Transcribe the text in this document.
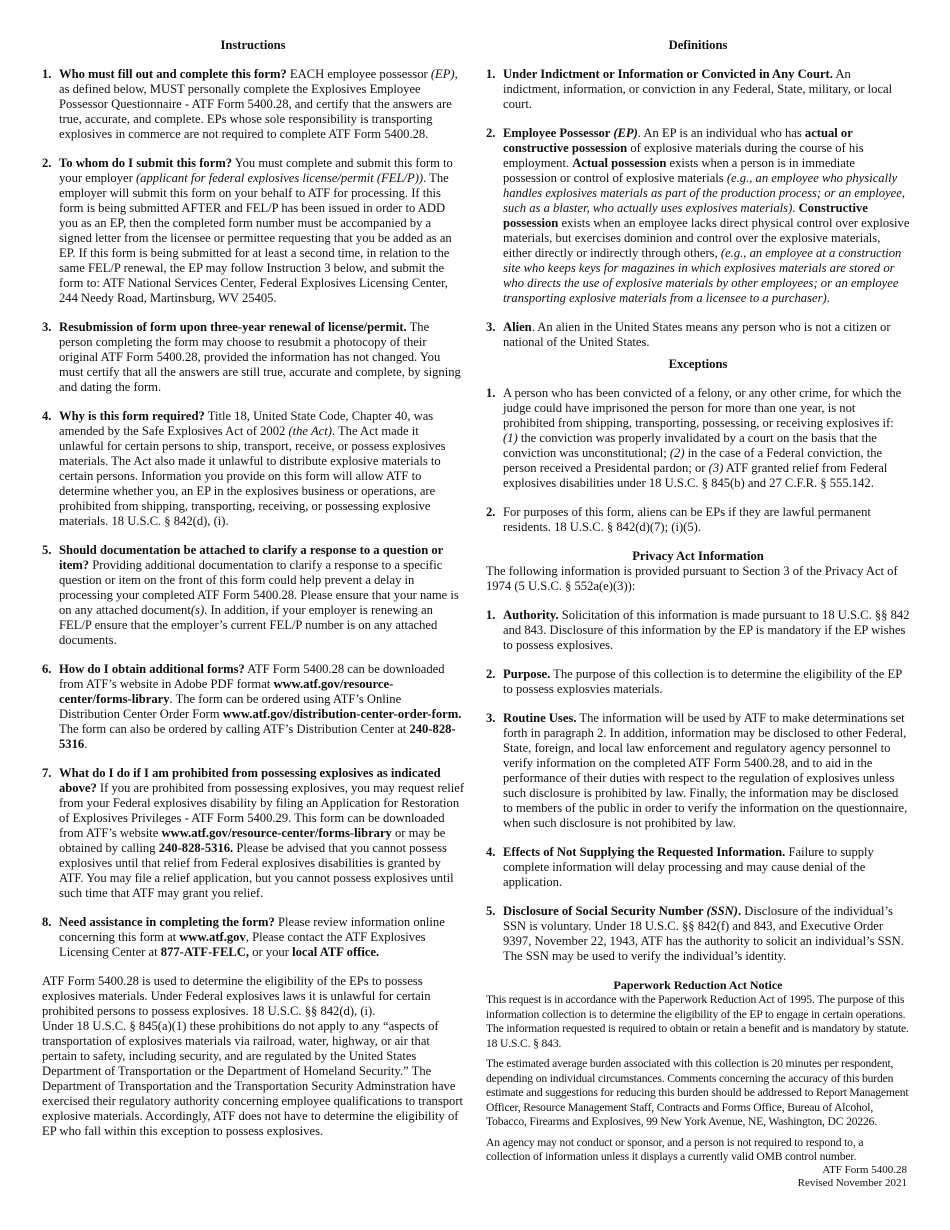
Instructions
1. Who must fill out and complete this form? EACH employee possessor (EP), as defined below, MUST personally complete the Explosives Employee Possessor Questionnaire - ATF Form 5400.28, and certify that the answers are true, accurate, and complete. EPs whose sole responsibility is transporting explosives in commerce are not required to complete ATF Form 5400.28.
2. To whom do I submit this form? You must complete and submit this form to your employer (applicant for federal explosives license/permit (FEL/P)). The employer will submit this form on your behalf to ATF for processing. If this form is being submitted AFTER and FEL/P has been issued in order to ADD you as an EP, then the completed form number must be accompanied by a signed letter from the licensee or permittee requesting that you be added as an EP. If this form is being submitted for at least a second time, in relation to the same FEL/P renewal, the EP may follow Instruction 3 below, and submit the form to: ATF National Services Center, Federal Explosives Licensing Center, 244 Needy Road, Martinsburg, WV 25405.
3. Resubmission of form upon three-year renewal of license/permit. The person completing the form may choose to resubmit a photocopy of their original ATF Form 5400.28, provided the information has not changed. You must certify that all the answers are still true, accurate and complete, by signing and dating the form.
4. Why is this form required? Title 18, United State Code, Chapter 40, was amended by the Safe Explosives Act of 2002 (the Act). The Act made it unlawful for certain persons to ship, transport, receive, or possess explosives materials. The Act also made it unlawful to distribute explosive materials to certain persons. Information you provide on this form will allow ATF to determine whether you, an EP in the explosives business or operations, are prohibited from shipping, transporting, receiving, or possessing explosive materials. 18 U.S.C. § 842(d), (i).
5. Should documentation be attached to clarify a response to a question or item? Providing additional documentation to clarify a response to a specific question or item on the front of this form could help prevent a delay in processing your completed ATF Form 5400.28. Please ensure that your name is on any attached document(s). In addition, if your employer is renewing an FEL/P ensure that the employer’s current FEL/P number is on any attached documents.
6. How do I obtain additional forms? ATF Form 5400.28 can be downloaded from ATF’s website in Adobe PDF format www.atf.gov/resource-center/forms-library. The form can be ordered using ATF’s Online Distribution Center Order Form www.atf.gov/distribution-center-order-form. The form can also be ordered by calling ATF’s Distribution Center at 240-828-5316.
7. What do I do if I am prohibited from possessing explosives as indicated above? If you are prohibited from possessing explosives, you may request relief from your Federal explosives disability by filing an Application for Restoration of Explosives Privileges - ATF Form 5400.29. This form can be downloaded from ATF’s website www.atf.gov/resource-center/forms-library or may be obtained by calling 240-828-5316. Please be advised that you cannot possess explosives until that relief from Federal explosives disabilities is granted by ATF. You may file a relief application, but you cannot possess explosives until such time that ATF may grant you relief.
8. Need assistance in completing the form? Please review information online concerning this form at www.atf.gov, Please contact the ATF Explosives Licensing Center at 877-ATF-FELC, or your local ATF office.

ATF Form 5400.28 is used to determine the eligibility of the EPs to possess explosives materials. Under Federal explosives laws it is unlawful for certain prohibited persons to possess explosives. 18 U.S.C. §§ 842(d), (i).
Under 18 U.S.C. § 845(a)(1) these prohibitions do not apply to any “aspects of transportation of explosives materials via railroad, water, highway, or air that pertain to safety, including security, and are regulated by the United States Department of Transportation or the Department of Homeland Security.” The Department of Transportation and the Transportation Security Adminstration have exercised their regulatory authority concerning employee qualifications to transport explosive materials. Accordingly, ATF does not have to determine the eligibility of EP who fall within this exception to possess explosives.

Definitions
1. Under Indictment or Information or Convicted in Any Court. An indictment, information, or conviction in any Federal, State, military, or local court.
2. Employee Possessor (EP). An EP is an individual who has actual or constructive possession of explosive materials during the course of his employment. Actual possession exists when a person is in immediate possession or control of explosive materials (e.g., an employee who physically handles explosives materials as part of the production process; or an employee, such as a blaster, who actually uses explosives materials). Constructive possession exists when an employee lacks direct physical control over explosive materials, but exercises dominion and control over the explosive materials, either directly or indirectly through others, (e.g., an employee at a construction site who keeps keys for magazines in which explosives materials are stored or who directs the use of explosive materials by other employees; or an employee transporting explosive materials from a licensee to a purchaser).
3. Alien. An alien in the United States means any person who is not a citizen or national of the United States.
Exceptions
1. A person who has been convicted of a felony, or any other crime, for which the judge could have imprisoned the person for more than one year, is not prohibited from shipping, transporting, possessing, or receiving explosives if: (1) the conviction was properly invalidated by a court on the basis that the conviction was unconstitutional; (2) in the case of a Federal conviction, the person received a Presidental pardon; or (3) ATF granted relief from Federal explosives disabilities under 18 U.S.C. § 845(b) and 27 C.F.R. § 555.142.
2. For purposes of this form, aliens can be EPs if they are lawful permanent residents. 18 U.S.C. § 842(d)(7); (i)(5).
Privacy Act Information

The following information is provided pursuant to Section 3 of the Privacy Act of 1974 (5 U.S.C. § 552a(e)(3)):

1. Authority. Solicitation of this information is made pursuant to 18 U.S.C. §§ 842 and 843. Disclosure of this information by the EP is mandatory if the EP wishes to possess explosives.
2. Purpose. The purpose of this collection is to determine the eligibility of the EP to possess explosvies materials.
3. Routine Uses. The information will be used by ATF to make determinations set forth in paragraph 2. In addition, information may be disclosed to other Federal, State, foreign, and local law enforcement and regulatory agency personnel to verify information on the completed ATF Form 5400.28, and to aid in the performance of their duties with respect to the regulation of explosives unless such disclosure is prohibited by law. Finally, the information may be disclosed to members of the public in order to verify the information on the questionnaire, when such disclosure is not prohibited by law.
4. Effects of Not Supplying the Requested Information. Failure to supply complete information will delay processing and may cause denial of the application.
5. Disclosure of Social Security Number (SSN). Disclosure of the individual’s SSN is voluntary. Under 18 U.S.C. §§ 842(f) and 843, and Executive Order 9397, November 22, 1943, ATF has the authority to solicit an individual’s SSN. The SSN may be used to verify the individual’s identity.
Paperwork Reduction Act Notice

This request is in accordance with the Paperwork Reduction Act of 1995. The purpose of this information collection is to determine the eligibility of the EP to engage in certain operations. The information requested is required to obtain or retain a benefit and is mandatory by statute. 18 U.S.C. § 843.

The estimated average burden associated with this collection is 20 minutes per respondent, depending on individual circumstances. Comments concerning the accuracy of this burden estimate and suggestions for reducing this burden should be addressed to Report Management Officer, Resource Management Staff, Contracts and Forms Office, Bureau of Alcohol, Tobacco, Firearms and Explosives, 99 New York Avenue, NE, Washington, DC 20226.

An agency may not conduct or sponsor, and a person is not required to respond to, a collection of information unless it displays a currently valid OMB control number.

ATF Form 5400.28
Revised November 2021
